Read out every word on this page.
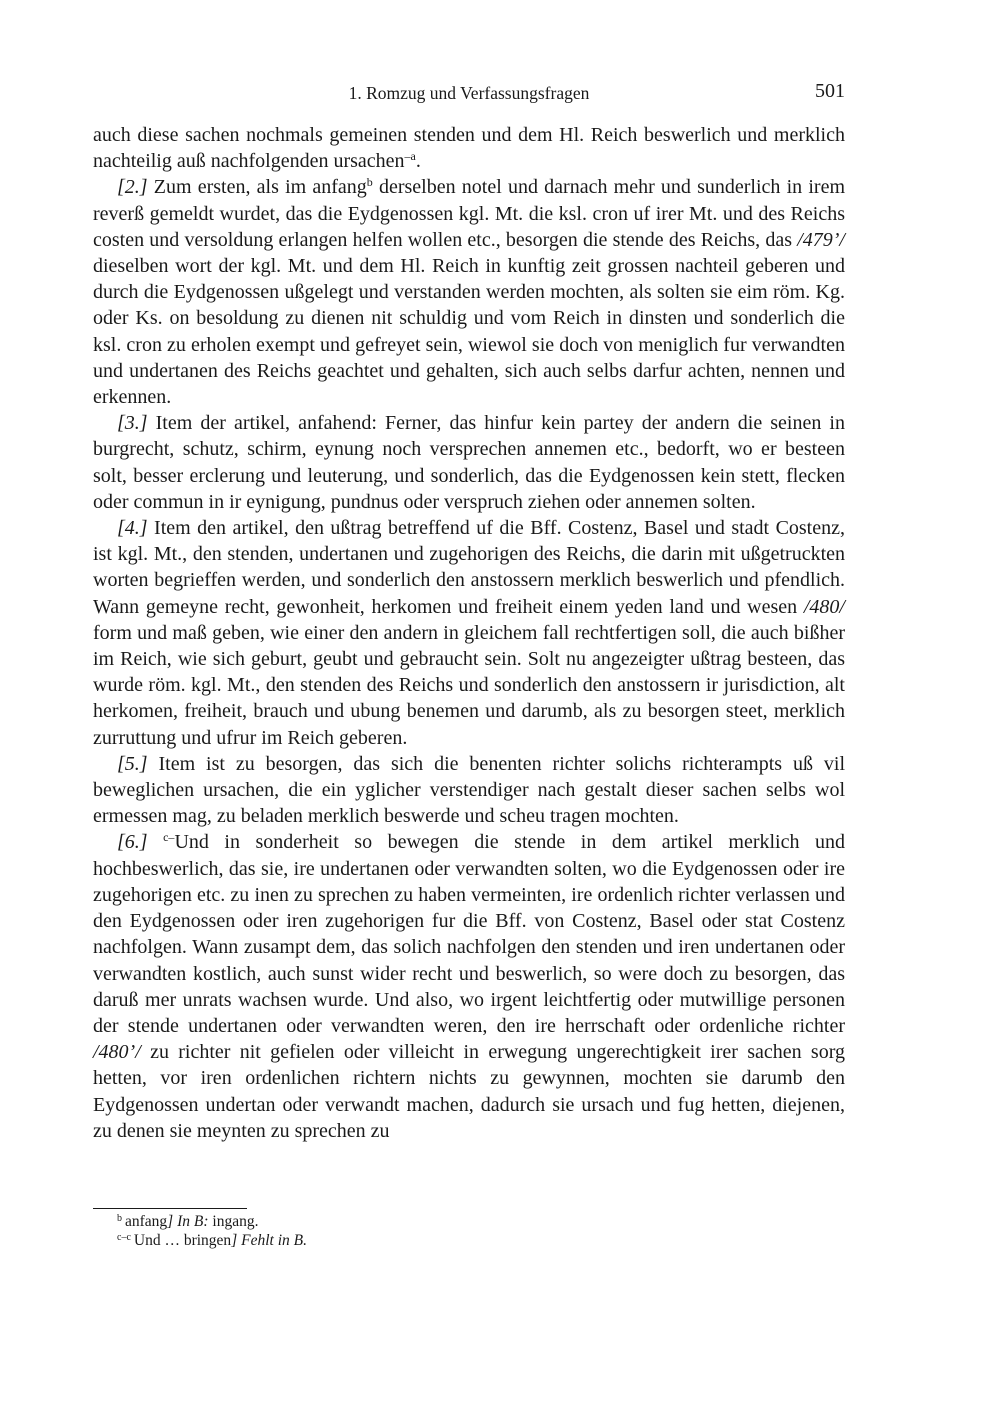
1. Romzug und Verfassungsfragen	501

auch diese sachen nochmals gemeinen stenden und dem Hl. Reich beswerlich und merklich nachteilig auß nachfolgenden ursachen$^{-a}$.

[2.] Zum ersten, als im anfang$^b$ derselben notel und darnach mehr und sunderlich in irem reverß gemeldt wurdet, das die Eydgenossen kgl. Mt. die ksl. cron uf irer Mt. und des Reichs costen und versoldung erlangen helfen wollen etc., besorgen die stende des Reichs, das /479’/ dieselben wort der kgl. Mt. und dem Hl. Reich in kunftig zeit grossen nachteil geberen und durch die Eydgenossen ußgelegt und verstanden werden mochten, als solten sie eim röm. Kg. oder Ks. on besoldung zu dienen nit schuldig und vom Reich in dinsten und sonderlich die ksl. cron zu erholen exempt und gefreyet sein, wiewol sie doch von meniglich fur verwandten und undertanen des Reichs geachtet und gehalten, sich auch selbs darfur achten, nennen und erkennen.

[3.] Item der artikel, anfahend: Ferner, das hinfur kein partey der andern die seinen in burgrecht, schutz, schirm, eynung noch versprechen annemen etc., bedorft, wo er besteen solt, besser erclerung und leuterung, und sonderlich, das die Eydgenossen kein stett, flecken oder commun in ir eynigung, pundnus oder verspruch ziehen oder annemen solten.

[4.] Item den artikel, den ußtrag betreffend uf die Bff. Costenz, Basel und stadt Costenz, ist kgl. Mt., den stenden, undertanen und zugehorigen des Reichs, die darin mit ußgetruckten worten begrieffen werden, und sonderlich den anstossern merklich beswerlich und pfendlich. Wann gemeyne recht, gewonheit, herkomen und freiheit einem yeden land und wesen /480/ form und maß geben, wie einer den andern in gleichem fall rechtfertigen soll, die auch bißher im Reich, wie sich geburt, geubt und gebraucht sein. Solt nu angezeigter ußtrag besteen, das wurde röm. kgl. Mt., den stenden des Reichs und sonderlich den anstossern ir jurisdiction, alt herkomen, freiheit, brauch und ubung benemen und darumb, als zu besorgen steet, merklich zurruttung und ufrur im Reich geberen.

[5.] Item ist zu besorgen, das sich die benenten richter solichs richterampts uß vil beweglichen ursachen, die ein yglicher verstendiger nach gestalt dieser sachen selbs wol ermessen mag, zu beladen merklich beswerde und scheu tragen mochten.

[6.] $^{c-}$Und in sonderheit so bewegen die stende in dem artikel merklich und hochbeswerlich, das sie, ire undertanen oder verwandten solten, wo die Eydgenossen oder ire zugehorigen etc. zu inen zu sprechen zu haben vermeinten, ire ordenlich richter verlassen und den Eydgenossen oder iren zugehorigen fur die Bff. von Costenz, Basel oder stat Costenz nachfolgen. Wann zusampt dem, das solich nachfolgen den stenden und iren undertanen oder verwandten kostlich, auch sunst wider recht und beswerlich, so were doch zu besorgen, das daruß mer unrats wachsen wurde. Und also, wo irgent leichtfertig oder mutwillige personen der stende undertanen oder verwandten weren, den ire herrschaft oder ordenliche richter /480’/ zu richter nit gefielen oder villeicht in erwegung ungerechtigkeit irer sachen sorg hetten, vor iren ordenlichen richtern nichts zu gewynnen, mochten sie darumb den Eydgenossen undertan oder verwandt machen, dadurch sie ursach und fug hetten, diejenen, zu denen sie meynten zu sprechen zu

$^b$ anfang] In B: ingang.
$^{c-c}$ Und … bringen] Fehlt in B.
